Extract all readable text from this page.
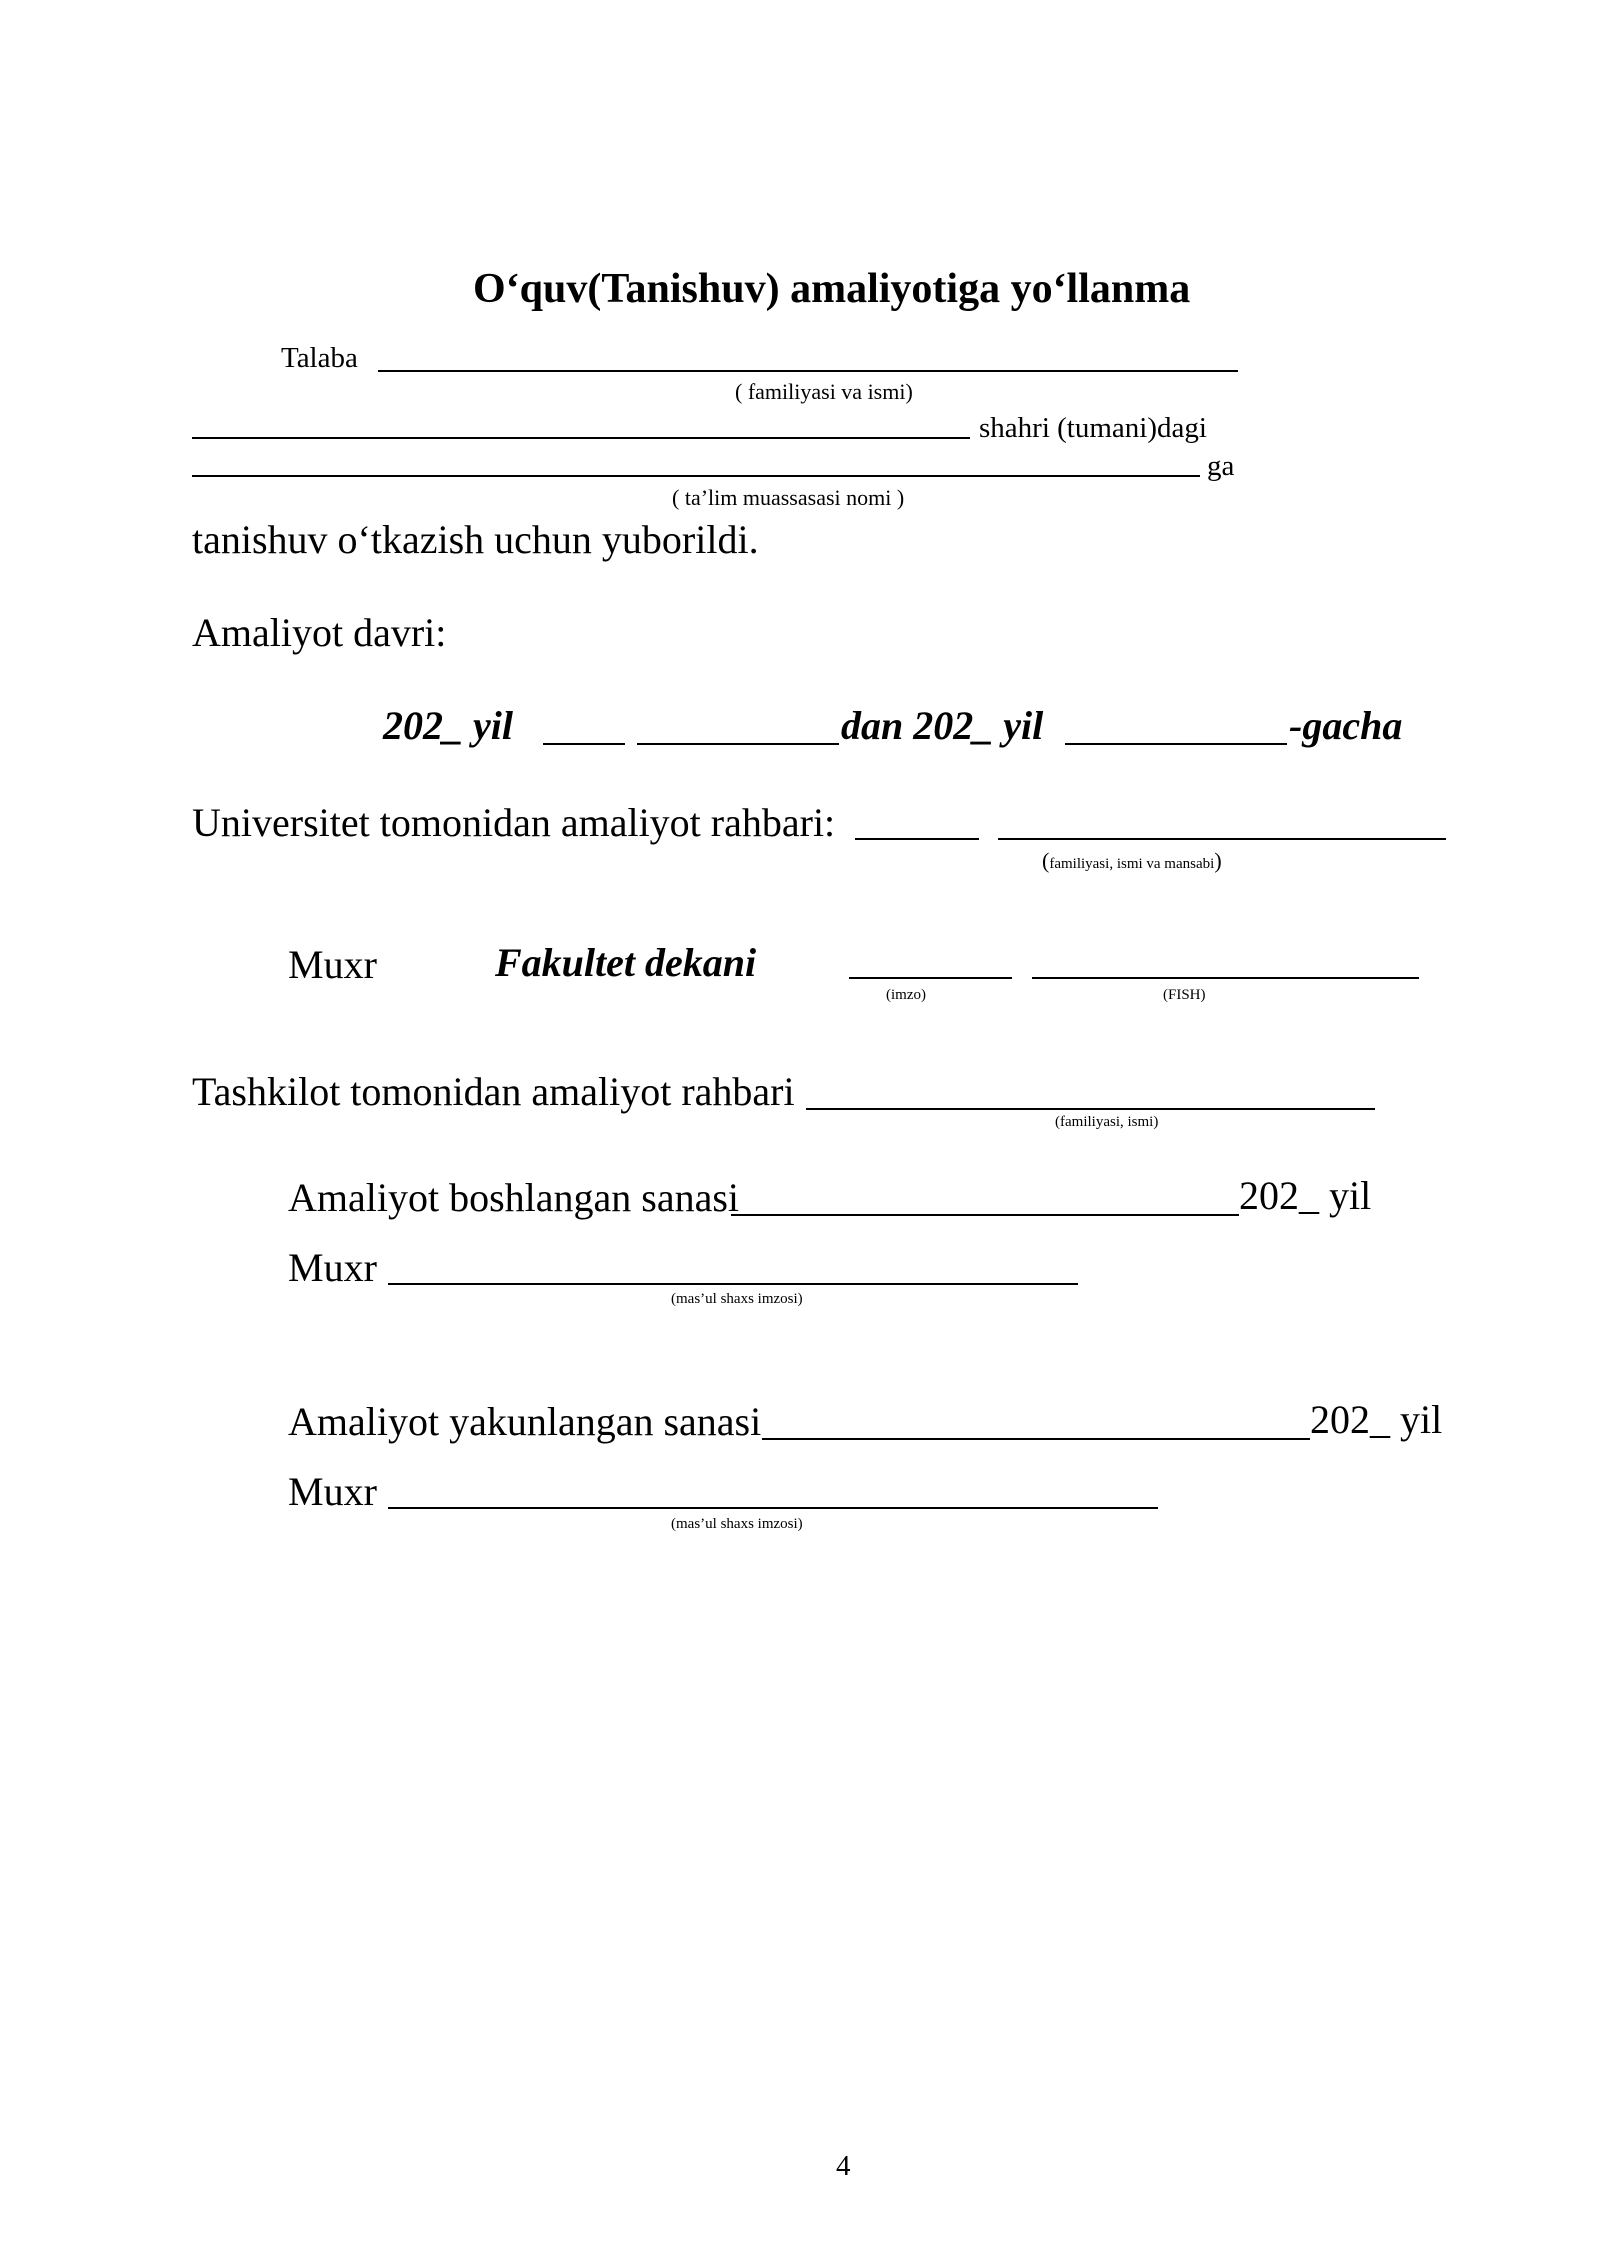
O‘quv(Tanishuv) amaliyotiga yo‘llanma
Talaba
( familiyasi va ismi)
shahri (tumani)dagi
ga
( ta’lim muassasasi nomi )
tanishuv o‘tkazish uchun yuborildi.
Amaliyot davri:
202_ yil	dan 202_ yil	-gacha
Universitet tomonidan amaliyot rahbari:
(familiyasi, ismi va mansabi)
Muxr	Fakultet dekani
(imzo)	(FISH)
Tashkilot tomonidan amaliyot rahbari
(familiyasi, ismi)
Amaliyot boshlangan sanasi	202_ yil
Muxr
(mas’ul shaxs imzosi)
Amaliyot yakunlangan sanasi	202_ yil
Muxr
(mas’ul shaxs imzosi)
4
